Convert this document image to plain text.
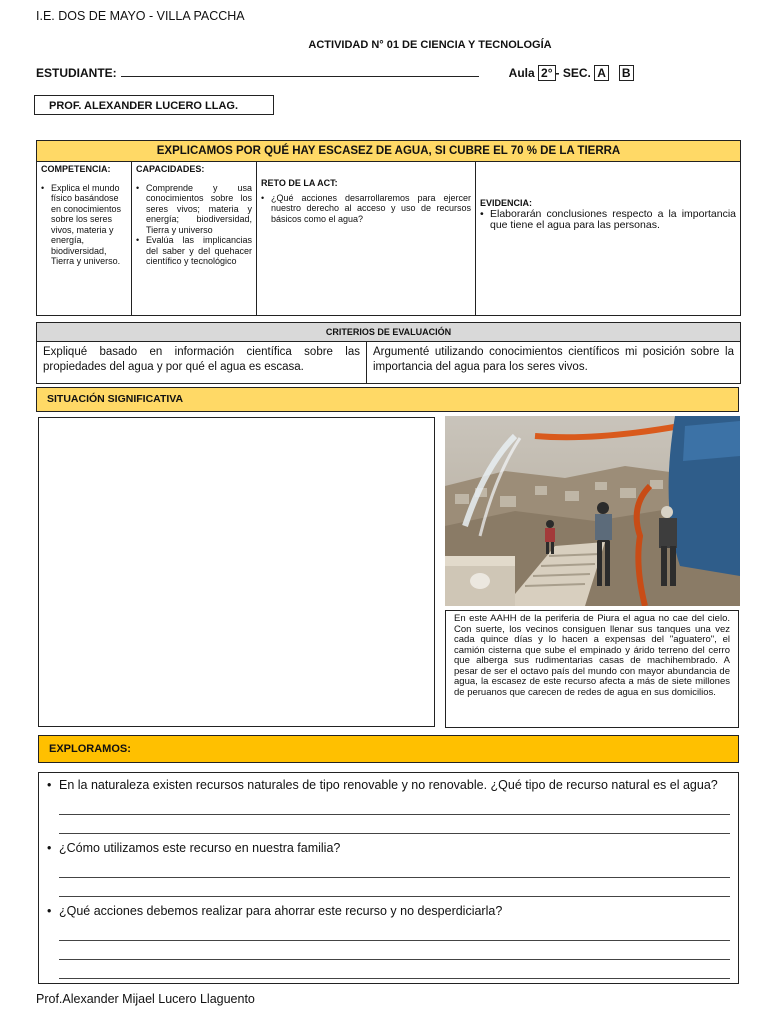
I.E. DOS DE MAYO - VILLA PACCHA
ACTIVIDAD N° 01 DE CIENCIA Y TECNOLOGÍA
ESTUDIANTE:	Aula
2° - SEC.
A
B
PROF. ALEXANDER LUCERO LLAG.
EXPLICAMOS POR QUÉ HAY ESCASEZ DE AGUA, SI CUBRE EL 70 % DE LA TIERRA
COMPETENCIA:
• Explica el mundo físico basándose en conocimientos sobre los seres vivos, materia y energía, biodiversidad, Tierra y universo.
CAPACIDADES:
• Comprende y usa conocimientos sobre los seres vivos; materia y energía; biodiversidad, Tierra y universo
• Evalúa las implicancias del saber y del quehacer científico y tecnológico
RETO DE LA ACT:
• ¿Qué acciones desarrollaremos para ejercer nuestro derecho al acceso y uso de recursos básicos como el agua?
EVIDENCIA:
• Elaborarán conclusiones respecto a la importancia que tiene el agua para las personas.
CRITERIOS DE EVALUACIÓN
Expliqué basado en información científica sobre las propiedades del agua y por qué el agua es escasa.
Argumenté utilizando conocimientos científicos mi posición sobre la importancia del agua para los seres vivos.
SITUACIÓN SIGNIFICATIVA
En este AAHH de la periferia de Piura el agua no cae del cielo. Con suerte, los vecinos consiguen llenar sus tanques una vez cada quince días y lo hacen a expensas del "aguatero", el camión cisterna que sube el empinado y árido terreno del cerro que alberga sus rudimentarias casas de machihembrado. A pesar de ser el octavo país del mundo con mayor abundancia de agua, la escasez de este recurso afecta a más de siete millones de peruanos que carecen de redes de agua en sus domicilios.
EXPLORAMOS:
• En la naturaleza existen recursos naturales de tipo renovable y no renovable. ¿Qué tipo de recurso natural es el agua?
• ¿Cómo utilizamos este recurso en nuestra familia?
• ¿Qué acciones debemos realizar para ahorrar este recurso y no desperdiciarla?
Prof.Alexander Mijael Lucero Llaguento
